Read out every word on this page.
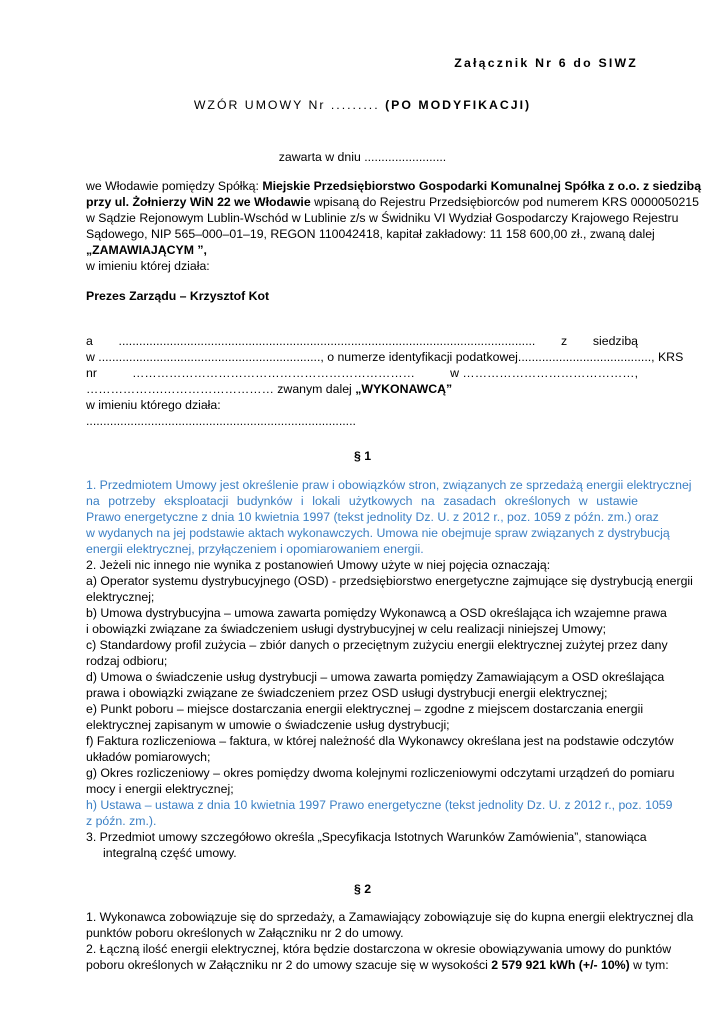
Załącznik Nr 6 do SIWZ
WZÓR UMOWY Nr ......... (PO MODYFIKACJI)
zawarta w dniu ........................
we Włodawie pomiędzy Spółką: Miejskie Przedsiębiorstwo Gospodarki Komunalnej Spółka z o.o. z siedzibą
przy ul. Żołnierzy WiN 22 we Włodawie wpisaną do Rejestru Przedsiębiorców pod numerem KRS 0000050215
w Sądzie Rejonowym Lublin-Wschód w Lublinie z/s w Świdniku VI Wydział Gospodarczy Krajowego Rejestru
Sądowego, NIP 565–000–01–19, REGON 110042418, kapitał zakładowy: 11 158 600,00 zł., zwaną dalej
„ZAMAWIAJĄCYM ”,
w imieniu której działa:
Prezes Zarządu – Krzysztof Kot
a .......................................................................................................................... z siedzibą
w ................................................................., o numerze identyfikacji podatkowej ......................................., KRS
nr	……………………………………………………………	w ……………………………………,
……………….……………………… zwanym dalej „WYKONAWCĄ”
w imieniu którego działa:
...............................................................................
§ 1
1. Przedmiotem Umowy jest określenie praw i obowiązków stron, związanych ze sprzedażą energii elektrycznej
na potrzeby eksploatacji budynków i lokali użytkowych na zasadach określonych w ustawie
Prawo energetyczne z dnia 10 kwietnia 1997 (tekst jednolity Dz. U. z 2012 r., poz. 1059 z późn. zm.) oraz
w wydanych na jej podstawie aktach wykonawczych. Umowa nie obejmuje spraw związanych z dystrybucją
energii elektrycznej, przyłączeniem i opomiarowaniem energii.
2. Jeżeli nic innego nie wynika z postanowień Umowy użyte w niej pojęcia oznaczają:
a) Operator systemu dystrybucyjnego (OSD) - przedsiębiorstwo energetyczne zajmujące się dystrybucją energii
elektrycznej;
b) Umowa dystrybucyjna – umowa zawarta pomiędzy Wykonawcą a OSD określająca ich wzajemne prawa
i obowiązki związane za świadczeniem usługi dystrybucyjnej w celu realizacji niniejszej Umowy;
c) Standardowy profil zużycia – zbiór danych o przeciętnym zużyciu energii elektrycznej zużytej przez dany
rodzaj odbioru;
d) Umowa o świadczenie usług dystrybucji – umowa zawarta pomiędzy Zamawiającym a OSD określająca
prawa i obowiązki związane ze świadczeniem przez OSD usługi dystrybucji energii elektrycznej;
e) Punkt poboru – miejsce dostarczania energii elektrycznej – zgodne z miejscem dostarczania energii
elektrycznej zapisanym w umowie o świadczenie usług dystrybucji;
f) Faktura rozliczeniowa – faktura, w której należność dla Wykonawcy określana jest na podstawie odczytów
układów pomiarowych;
g) Okres rozliczeniowy – okres pomiędzy dwoma kolejnymi rozliczeniowymi odczytami urządzeń do pomiaru
mocy i energii elektrycznej;
h) Ustawa – ustawa z dnia 10 kwietnia 1997 Prawo energetyczne (tekst jednolity Dz. U. z 2012 r., poz. 1059
z późn. zm.).
3. Przedmiot umowy szczegółowo określa „Specyfikacja Istotnych Warunków Zamówienia”, stanowiąca
integralną część umowy.
§ 2
1. Wykonawca zobowiązuje się do sprzedaży, a Zamawiający zobowiązuje się do kupna energii elektrycznej dla
punktów poboru określonych w Załączniku nr 2 do umowy.
2. Łączną ilość energii elektrycznej, która będzie dostarczona w okresie obowiązywania umowy do punktów
poboru określonych w Załączniku nr 2 do umowy szacuje się w wysokości 2 579 921 kWh (+/- 10%) w tym:
